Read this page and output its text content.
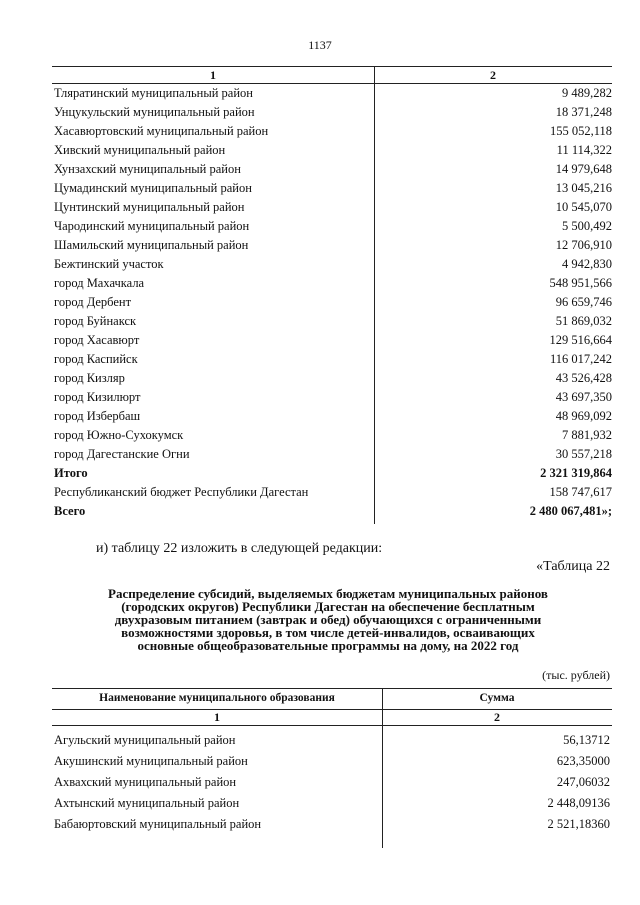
1137
1	2
Тляратинский муниципальный район	9 489,282
Унцукульский муниципальный район	18 371,248
Хасавюртовский муниципальный район	155 052,118
Хивский муниципальный район	11 114,322
Хунзахский муниципальный район	14 979,648
Цумадинский муниципальный район	13 045,216
Цунтинский муниципальный район	10 545,070
Чародинский муниципальный район	5 500,492
Шамильский муниципальный район	12 706,910
Бежтинский участок	4 942,830
город Махачкала	548 951,566
город Дербент	96 659,746
город Буйнакск	51 869,032
город Хасавюрт	129 516,664
город Каспийск	116 017,242
город Кизляр	43 526,428
город Кизилюрт	43 697,350
город Избербаш	48 969,092
город Южно-Сухокумск	7 881,932
город Дагестанские Огни	30 557,218
Итого	2 321 319,864
Республиканский бюджет Республики Дагестан	158 747,617
Всего	2 480 067,481»;
и) таблицу 22 изложить в следующей редакции:
«Таблица 22
Распределение субсидий, выделяемых бюджетам муниципальных районов
(городских округов) Республики Дагестан на обеспечение бесплатным
двухразовым питанием (завтрак и обед) обучающихся с ограниченными
возможностями здоровья, в том числе детей-инвалидов, осваивающих
основные общеобразовательные программы на дому, на 2022 год
(тыс. рублей)
Наименование муниципального образования	Сумма
1	2
Агульский муниципальный район	56,13712
Акушинский муниципальный район	623,35000
Ахвахский муниципальный район	247,06032
Ахтынский муниципальный район	2 448,09136
Бабаюртовский муниципальный район	2 521,18360
